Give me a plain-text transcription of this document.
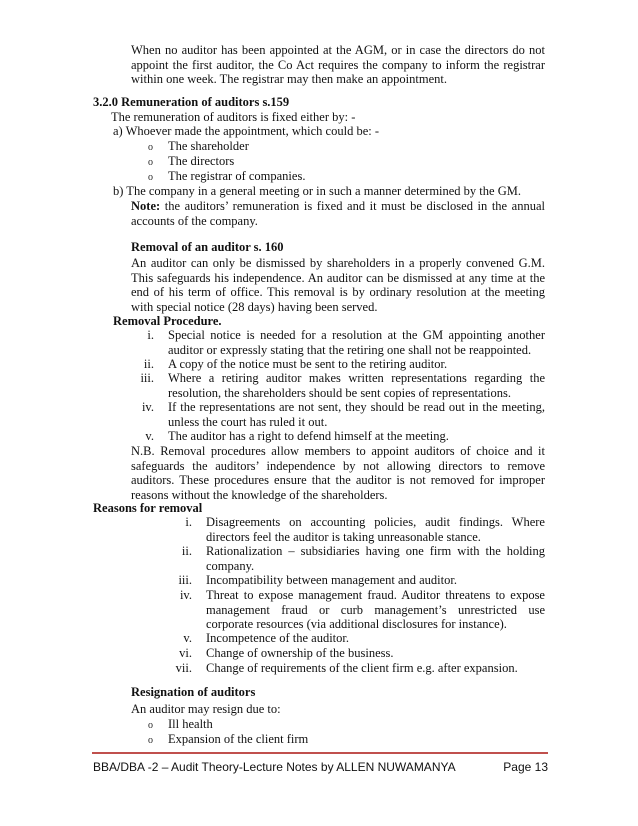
When no auditor has been appointed at the AGM, or in case the directors do not appoint the first auditor, the Co Act requires the company to inform the registrar within one week. The registrar may then make an appointment.

3.2.0 Remuneration of auditors s.159

The remuneration of auditors is fixed either by: -

a) Whoever made the appointment, which could be: -

o The shareholder

o The directors

o The registrar of companies.

b) The company in a general meeting or in such a manner determined by the GM.

Note: the auditors’ remuneration is fixed and it must be disclosed in the annual accounts of the company.

Removal of an auditor s. 160

An auditor can only be dismissed by shareholders in a properly convened G.M. This safeguards his independence. An auditor can be dismissed at any time at the end of his term of office. This removal is by ordinary resolution at the meeting with special notice (28 days) having been served.

Removal Procedure.

i. Special notice is needed for a resolution at the GM appointing another auditor or expressly stating that the retiring one shall not be reappointed.

ii. A copy of the notice must be sent to the retiring auditor.

iii. Where a retiring auditor makes written representations regarding the resolution, the shareholders should be sent copies of representations.

iv. If the representations are not sent, they should be read out in the meeting, unless the court has ruled it out.

v. The auditor has a right to defend himself at the meeting.

N.B. Removal procedures allow members to appoint auditors of choice and it safeguards the auditors’ independence by not allowing directors to remove auditors. These procedures ensure that the auditor is not removed for improper reasons without the knowledge of the shareholders.

Reasons for removal

i. Disagreements on accounting policies, audit findings. Where directors feel the auditor is taking unreasonable stance.

ii. Rationalization – subsidiaries having one firm with the holding company.

iii. Incompatibility between management and auditor.

iv. Threat to expose management fraud. Auditor threatens to expose management fraud or curb management’s unrestricted use corporate resources (via additional disclosures for instance).

v. Incompetence of the auditor.

vi. Change of ownership of the business.

vii. Change of requirements of the client firm e.g. after expansion.

Resignation of auditors

An auditor may resign due to:

o Ill health

o Expansion of the client firm

BBA/DBA -2 – Audit Theory-Lecture Notes by ALLEN NUWAMANYA	Page 13
